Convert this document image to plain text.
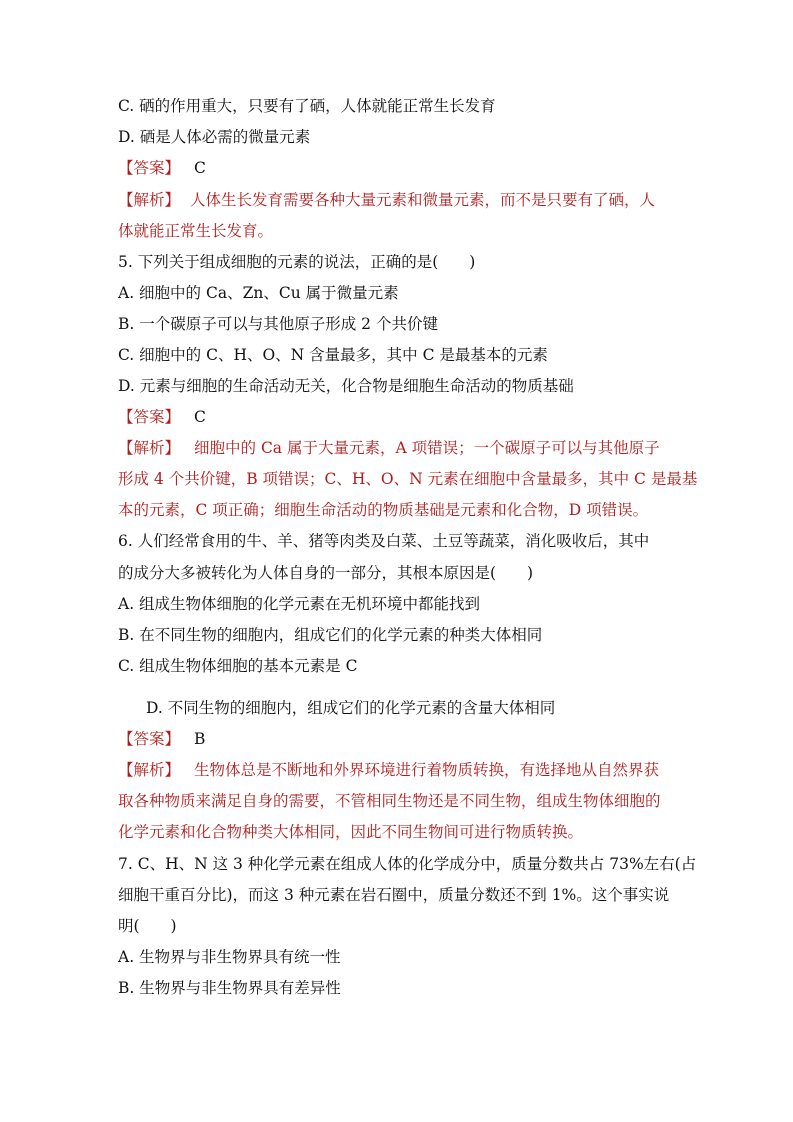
C. 硒的作用重大，只要有了硒，人体就能正常生长发育
D. 硒是人体必需的微量元素
【答案】 C
【解析】 人体生长发育需要各种大量元素和微量元素，而不是只要有了硒，人
体就能正常生长发育。
5. 下列关于组成细胞的元素的说法，正确的是(　　)
A. 细胞中的 Ca、Zn、Cu 属于微量元素
B. 一个碳原子可以与其他原子形成 2 个共价键
C. 细胞中的 C、H、O、N 含量最多，其中 C 是最基本的元素
D. 元素与细胞的生命活动无关，化合物是细胞生命活动的物质基础
【答案】 C
【解析】 细胞中的 Ca 属于大量元素，A 项错误；一个碳原子可以与其他原子
形成 4 个共价键，B 项错误；C、H、O、N 元素在细胞中含量最多，其中 C 是最基
本的元素，C 项正确；细胞生命活动的物质基础是元素和化合物，D 项错误。
6. 人们经常食用的牛、羊、猪等肉类及白菜、土豆等蔬菜，消化吸收后，其中
的成分大多被转化为人体自身的一部分，其根本原因是(　　)
A. 组成生物体细胞的化学元素在无机环境中都能找到
B. 在不同生物的细胞内，组成它们的化学元素的种类大体相同
C. 组成生物体细胞的基本元素是 C
D. 不同生物的细胞内，组成它们的化学元素的含量大体相同
【答案】 B
【解析】 生物体总是不断地和外界环境进行着物质转换，有选择地从自然界获
取各种物质来满足自身的需要，不管相同生物还是不同生物，组成生物体细胞的
化学元素和化合物种类大体相同，因此不同生物间可进行物质转换。
7. C、H、N 这 3 种化学元素在组成人体的化学成分中，质量分数共占 73%左右(占
细胞干重百分比)，而这 3 种元素在岩石圈中，质量分数还不到 1%。这个事实说
明(　　)
A. 生物界与非生物界具有统一性
B. 生物界与非生物界具有差异性
